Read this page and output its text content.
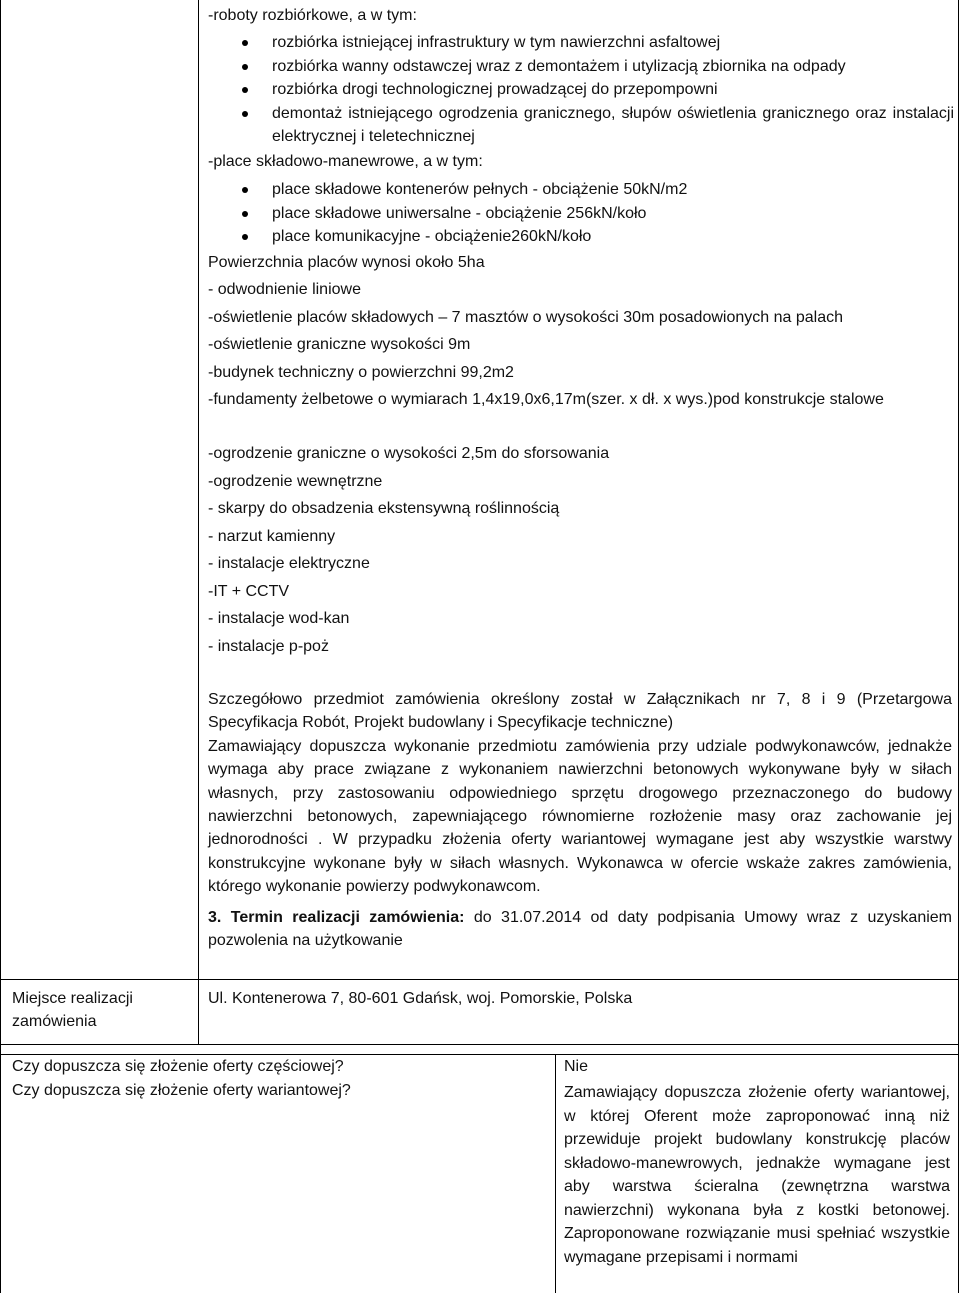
-roboty rozbiórkowe, a w tym:
rozbiórka istniejącej infrastruktury w tym nawierzchni asfaltowej
rozbiórka wanny odstawczej wraz z demontażem i utylizacją zbiornika na odpady
rozbiórka drogi technologicznej prowadzącej do przepompowni
demontaż istniejącego ogrodzenia granicznego, słupów oświetlenia granicznego oraz instalacji elektrycznej i teletechnicznej
-place składowo-manewrowe, a w tym:
place składowe kontenerów pełnych - obciążenie 50kN/m2
place składowe uniwersalne - obciążenie 256kN/koło
place komunikacyjne - obciążenie260kN/koło
Powierzchnia placów wynosi około 5ha
- odwodnienie liniowe
-oświetlenie placów składowych – 7 masztów o wysokości 30m posadowionych na palach
-oświetlenie graniczne wysokości 9m
-budynek techniczny o powierzchni 99,2m2

-fundamenty żelbetowe o wymiarach 1,4x19,0x6,17m(szer. x dł. x wys.)pod konstrukcje stalowe

-ogrodzenie graniczne o wysokości 2,5m do sforsowania
-ogrodzenie wewnętrzne
- skarpy do obsadzenia ekstensywną roślinnością
- narzut kamienny
- instalacje elektryczne
-IT + CCTV
- instalacje wod-kan
- instalacje p-poż

Szczegółowo przedmiot zamówienia określony został w Załącznikach nr 7, 8 i 9 (Przetargowa Specyfikacja Robót, Projekt budowlany i Specyfikacje techniczne)

Zamawiający dopuszcza wykonanie przedmiotu zamówienia przy udziale podwykonawców, jednakże wymaga aby prace związane z wykonaniem nawierzchni betonowych wykonywane były w siłach własnych, przy zastosowaniu odpowiedniego sprzętu drogowego przeznaczonego do budowy nawierzchni betonowych, zapewniającego równomierne rozłożenie masy oraz zachowanie jej jednorodności . W przypadku złożenia oferty wariantowej wymagane jest aby wszystkie warstwy konstrukcyjne wykonane były w siłach własnych. Wykonawca w ofercie wskaże zakres zamówienia, którego wykonanie powierzy podwykonawcom.

3. Termin realizacji zamówienia: do 31.07.2014 od daty podpisania Umowy wraz z uzyskaniem pozwolenia na użytkowanie

Miejsce realizacji zamówienia
Ul. Kontenerowa 7, 80-601 Gdańsk, woj. Pomorskie, Polska
Czy dopuszcza się złożenie oferty częściowej?	Nie
Czy dopuszcza się złożenie oferty wariantowej?	Zamawiający dopuszcza złożenie oferty wariantowej, w której Oferent może zaproponować inną niż przewiduje projekt budowlany konstrukcję placów składowo-manewrowych, jednakże wymagane jest aby warstwa ścieralna (zewnętrzna warstwa nawierzchni) wykonana była z kostki betonowej. Zaproponowane rozwiązanie musi spełniać wszystkie wymagane przepisami i normami
